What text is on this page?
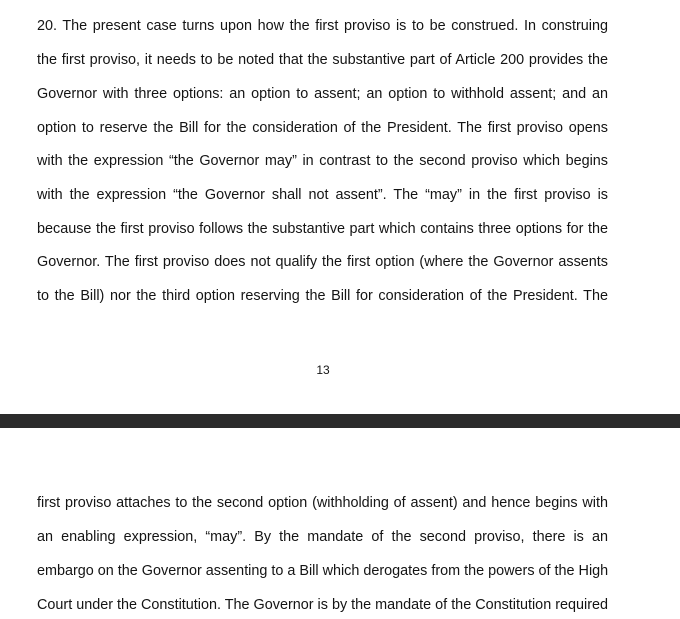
20. The present case turns upon how the first proviso is to be construed. In construing
the first proviso, it needs to be noted that the substantive part of Article 200 provides the
Governor with three options: an option to assent; an option to withhold assent; and an
option to reserve the Bill for the consideration of the President. The first proviso opens
with the expression “the Governor may” in contrast to the second proviso which begins
with the expression “the Governor shall not assent”. The “may” in the first proviso is
because the first proviso follows the substantive part which contains three options for the
Governor. The first proviso does not qualify the first option (where the Governor assents
to the Bill) nor the third option reserving the Bill for consideration of the President. The
13
first proviso attaches to the second option (withholding of assent) and hence begins with
an enabling expression, “may”. By the mandate of the second proviso, there is an
embargo on the Governor assenting to a Bill which derogates from the powers of the High
Court under the Constitution. The Governor is by the mandate of the Constitution required
